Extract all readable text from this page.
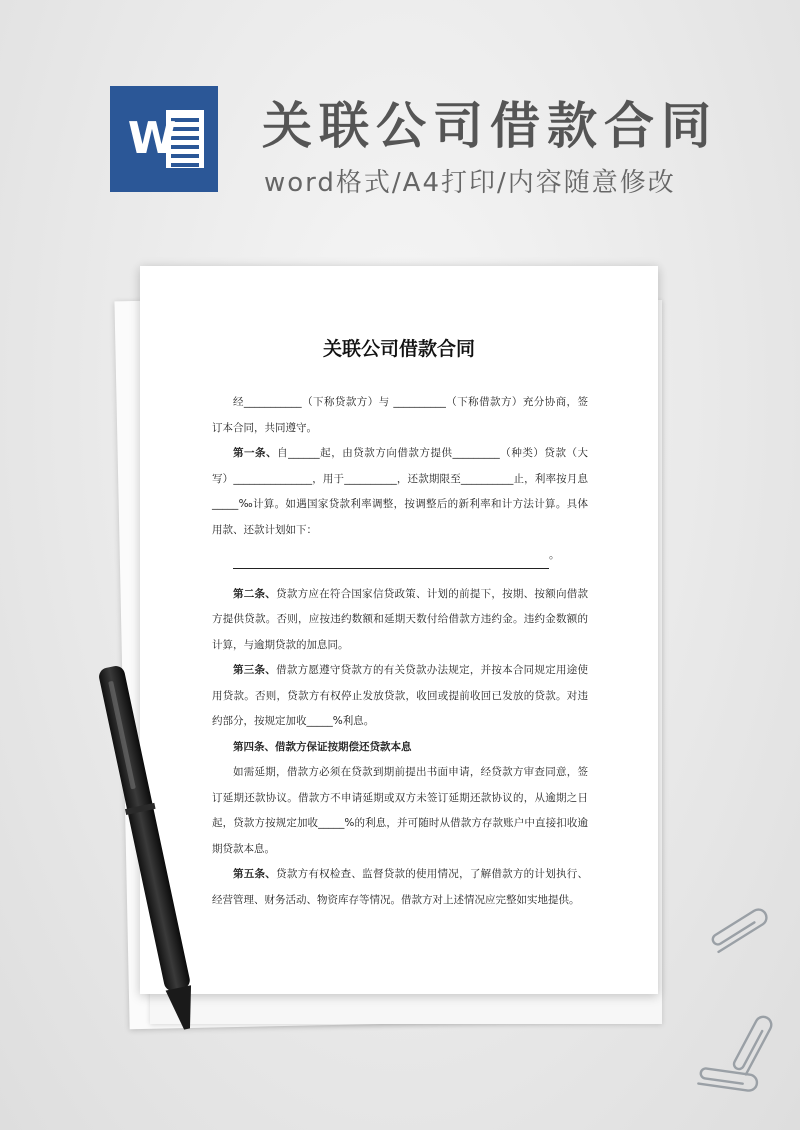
W 关联公司借款合同
word格式/A4打印/内容随意修改
关联公司借款合同

经___________（下称贷款方）与 __________（下称借款方）充分协商，签订本合同，共同遵守。

第一条、自______起，由贷款方向借款方提供_________（种类）贷款（大写）_______________，用于__________，还款期限至__________止，利率按月息_____‰计算。如遇国家贷款利率调整，按调整后的新利率和计方法计算。具体用款、还款计划如下：

。

第二条、贷款方应在符合国家信贷政策、计划的前提下，按期、按额向借款方提供贷款。否则，应按违约数额和延期天数付给借款方违约金。违约金数额的计算，与逾期贷款的加息同。

第三条、借款方愿遵守贷款方的有关贷款办法规定，并按本合同规定用途使用贷款。否则，贷款方有权停止发放贷款，收回或提前收回已发放的贷款。对违约部分，按规定加收_____%利息。

第四条、借款方保证按期偿还贷款本息

如需延期，借款方必须在贷款到期前提出书面申请，经贷款方审查同意，签订延期还款协议。借款方不申请延期或双方未签订延期还款协议的，从逾期之日起，贷款方按规定加收_____%的利息，并可随时从借款方存款账户中直接扣收逾期贷款本息。

第五条、贷款方有权检查、监督贷款的使用情况，了解借款方的计划执行、经营管理、财务活动、物资库存等情况。借款方对上述情况应完整如实地提供。
